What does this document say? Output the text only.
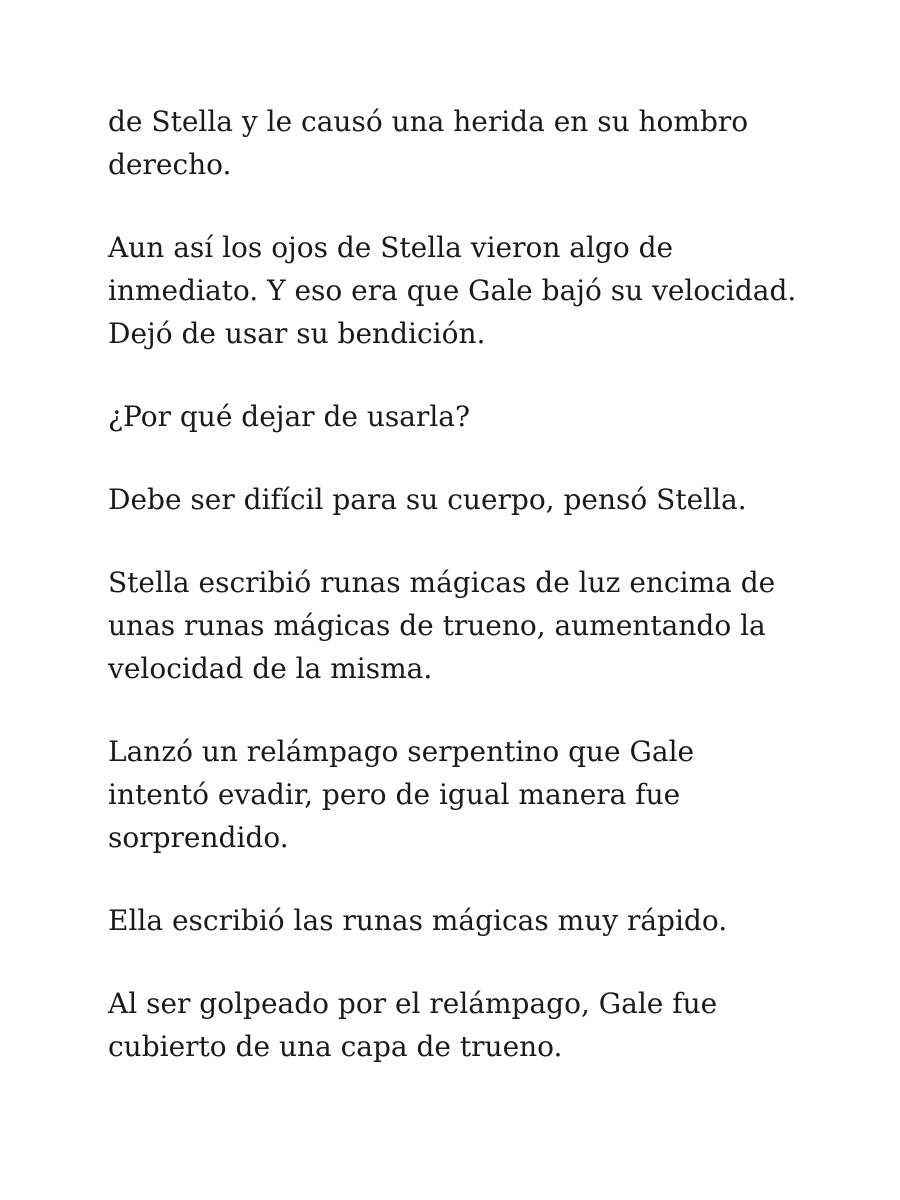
de Stella y le causó una herida en su hombro
derecho.

Aun así los ojos de Stella vieron algo de
inmediato. Y eso era que Gale bajó su velocidad.
Dejó de usar su bendición.

¿Por qué dejar de usarla?

Debe ser difícil para su cuerpo, pensó Stella.

Stella escribió runas mágicas de luz encima de
unas runas mágicas de trueno, aumentando la
velocidad de la misma.

Lanzó un relámpago serpentino que Gale
intentó evadir, pero de igual manera fue
sorprendido.

Ella escribió las runas mágicas muy rápido.

Al ser golpeado por el relámpago, Gale fue
cubierto de una capa de trueno.
